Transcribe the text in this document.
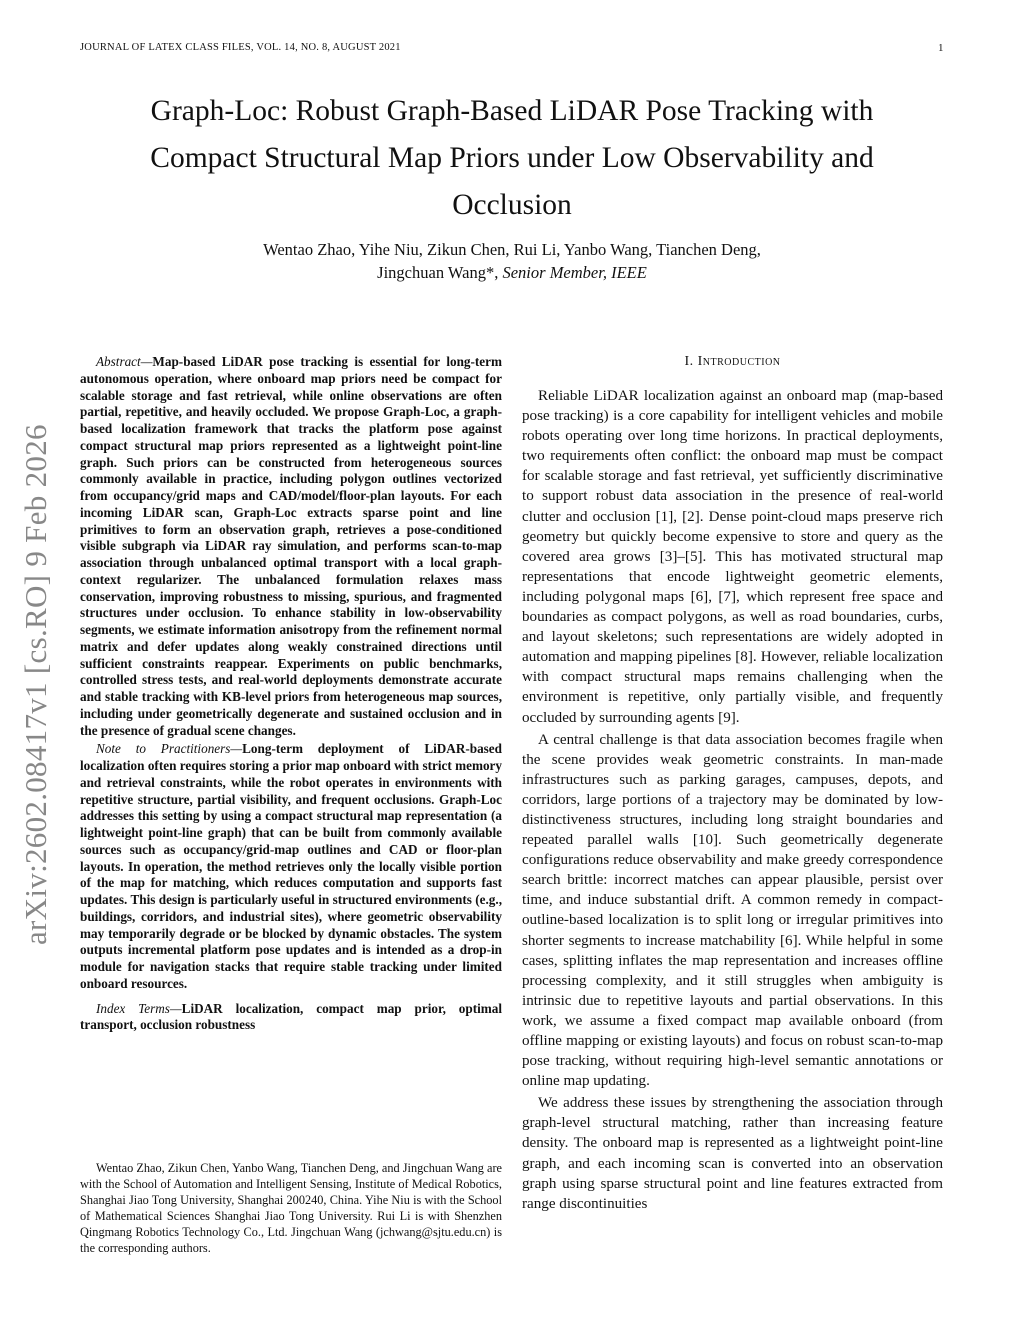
JOURNAL OF LATEX CLASS FILES, VOL. 14, NO. 8, AUGUST 2021	1
Graph-Loc: Robust Graph-Based LiDAR Pose Tracking with Compact Structural Map Priors under Low Observability and Occlusion
Wentao Zhao, Yihe Niu, Zikun Chen, Rui Li, Yanbo Wang, Tianchen Deng,
Jingchuan Wang*, Senior Member, IEEE
arXiv:2602.08417v1 [cs.RO] 9 Feb 2026

Abstract—Map-based LiDAR pose tracking is essential for long-term autonomous operation, where onboard map priors need be compact for scalable storage and fast retrieval, while online observations are often partial, repetitive, and heavily occluded. We propose Graph-Loc, a graph-based localization framework that tracks the platform pose against compact structural map priors represented as a lightweight point-line graph. Such priors can be constructed from heterogeneous sources commonly available in practice, including polygon outlines vectorized from occupancy/grid maps and CAD/model/floor-plan layouts. For each incoming LiDAR scan, Graph-Loc extracts sparse point and line primitives to form an observation graph, retrieves a pose-conditioned visible subgraph via LiDAR ray simulation, and performs scan-to-map association through unbalanced optimal transport with a local graph-context regularizer. The unbalanced formulation relaxes mass conservation, improving robustness to missing, spurious, and fragmented structures under occlusion. To enhance stability in low-observability segments, we estimate information anisotropy from the refinement normal matrix and defer updates along weakly constrained directions until sufficient constraints reappear. Experiments on public benchmarks, controlled stress tests, and real-world deployments demonstrate accurate and stable tracking with KB-level priors from heterogeneous map sources, including under geometrically degenerate and sustained occlusion and in the presence of gradual scene changes.

Note to Practitioners—Long-term deployment of LiDAR-based localization often requires storing a prior map onboard with strict memory and retrieval constraints, while the robot operates in environments with repetitive structure, partial visibility, and frequent occlusions. Graph-Loc addresses this setting by using a compact structural map representation (a lightweight point-line graph) that can be built from commonly available sources such as occupancy/grid-map outlines and CAD or floor-plan layouts. In operation, the method retrieves only the locally visible portion of the map for matching, which reduces computation and supports fast updates. This design is particularly useful in structured environments (e.g., buildings, corridors, and industrial sites), where geometric observability may temporarily degrade or be blocked by dynamic obstacles. The system outputs incremental platform pose updates and is intended as a drop-in module for navigation stacks that require stable tracking under limited onboard resources.

Index Terms—LiDAR localization, compact map prior, optimal transport, occlusion robustness

Wentao Zhao, Zikun Chen, Yanbo Wang, Tianchen Deng, and Jingchuan Wang are with the School of Automation and Intelligent Sensing, Institute of Medical Robotics, Shanghai Jiao Tong University, Shanghai 200240, China. Yihe Niu is with the School of Mathematical Sciences Shanghai Jiao Tong University. Rui Li is with Shenzhen Qingmang Robotics Technology Co., Ltd. Jingchuan Wang (jchwang@sjtu.edu.cn) is the corresponding authors.
I. Introduction

Reliable LiDAR localization against an onboard map (map-based pose tracking) is a core capability for intelligent vehicles and mobile robots operating over long time horizons. In practical deployments, two requirements often conflict: the onboard map must be compact for scalable storage and fast retrieval, yet sufficiently discriminative to support robust data association in the presence of real-world clutter and occlusion [1], [2]. Dense point-cloud maps preserve rich geometry but quickly become expensive to store and query as the covered area grows [3]–[5]. This has motivated structural map representations that encode lightweight geometric elements, including polygonal maps [6], [7], which represent free space and boundaries as compact polygons, as well as road boundaries, curbs, and layout skeletons; such representations are widely adopted in automation and mapping pipelines [8]. However, reliable localization with compact structural maps remains challenging when the environment is repetitive, only partially visible, and frequently occluded by surrounding agents [9].

A central challenge is that data association becomes fragile when the scene provides weak geometric constraints. In man-made infrastructures such as parking garages, campuses, depots, and corridors, large portions of a trajectory may be dominated by low-distinctiveness structures, including long straight boundaries and repeated parallel walls [10]. Such geometrically degenerate configurations reduce observability and make greedy correspondence search brittle: incorrect matches can appear plausible, persist over time, and induce substantial drift. A common remedy in compact-outline-based localization is to split long or irregular primitives into shorter segments to increase matchability [6]. While helpful in some cases, splitting inflates the map representation and increases offline processing complexity, and it still struggles when ambiguity is intrinsic due to repetitive layouts and partial observations. In this work, we assume a fixed compact map available onboard (from offline mapping or existing layouts) and focus on robust scan-to-map pose tracking, without requiring high-level semantic annotations or online map updating.

We address these issues by strengthening the association through graph-level structural matching, rather than increasing feature density. The onboard map is represented as a lightweight point-line graph, and each incoming scan is converted into an observation graph using sparse structural point and line features extracted from range discontinuities
